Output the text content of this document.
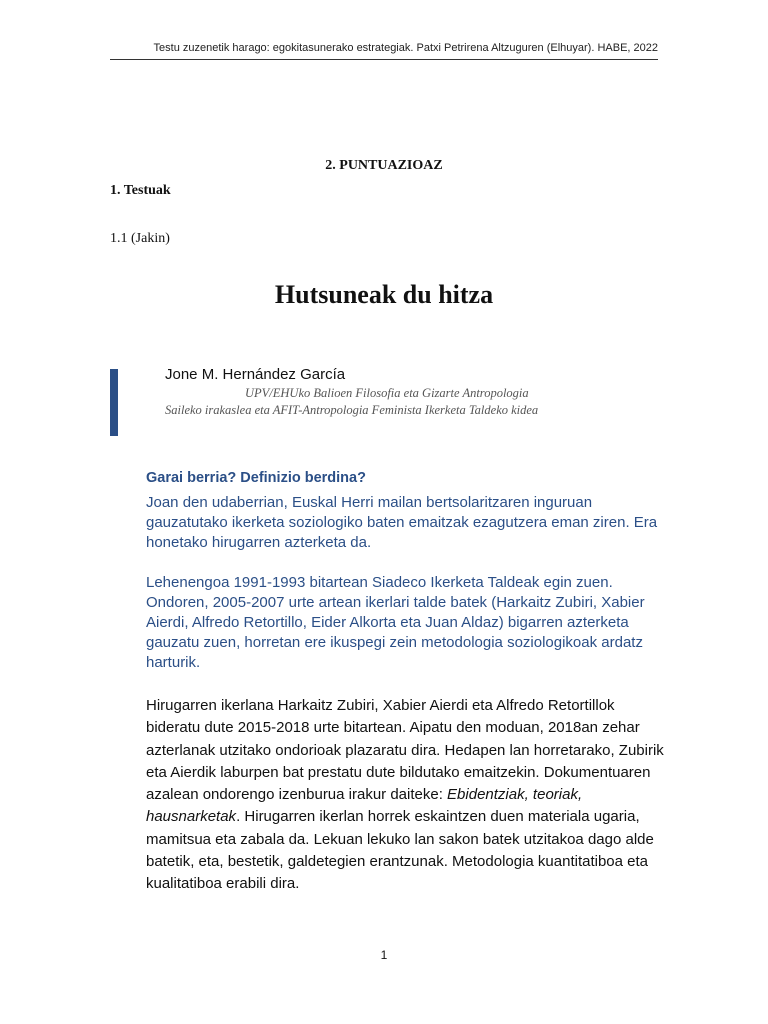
Testu zuzenetik harago: egokitasunerako estrategiak. Patxi Petrirena Altzuguren (Elhuyar). HABE, 2022
2. PUNTUAZIOAZ
1. Testuak
1.1 (Jakin)
Hutsuneak du hitza
Jone M. Hernández García
UPV/EHUko Balioen Filosofia eta Gizarte Antropologia
Saileko irakaslea eta AFIT-Antropologia Feminista Ikerketa Taldeko kidea
Garai berria? Definizio berdina?

Joan den udaberrian, Euskal Herri mailan bertsolaritzaren inguruan gauzatutako ikerketa soziologiko baten emaitzak ezagutzera eman ziren. Era honetako hirugarren azterketa da.

Lehenengoa 1991-1993 bitartean Siadeco Ikerketa Taldeak egin zuen. Ondoren, 2005-2007 urte artean ikerlari talde batek (Harkaitz Zubiri, Xabier Aierdi, Alfredo Retortillo, Eider Alkorta eta Juan Aldaz) bigarren azterketa gauzatu zuen, horretan ere ikuspegi zein metodologia soziologikoak ardatz harturik.

Hirugarren ikerlana Harkaitz Zubiri, Xabier Aierdi eta Alfredo Retortillok bideratu dute 2015-2018 urte bitartean. Aipatu den moduan, 2018an zehar azterlanak utzitako ondorioak plazaratu dira. Hedapen lan horretarako, Zubirik eta Aierdik laburpen bat prestatu dute bildutako emaitzekin. Dokumentuaren azalean ondorengo izenburua irakur daiteke: Ebidentziak, teoriak, hausnarketak. Hirugarren ikerlan horrek eskaintzen duen materiala ugaria, mamitsua eta zabala da. Lekuan lekuko lan sakon batek utzitakoa dago alde batetik, eta, bestetik, galdetegien erantzunak. Metodologia kuantitatiboa eta kualitatiboa erabili dira.

1
